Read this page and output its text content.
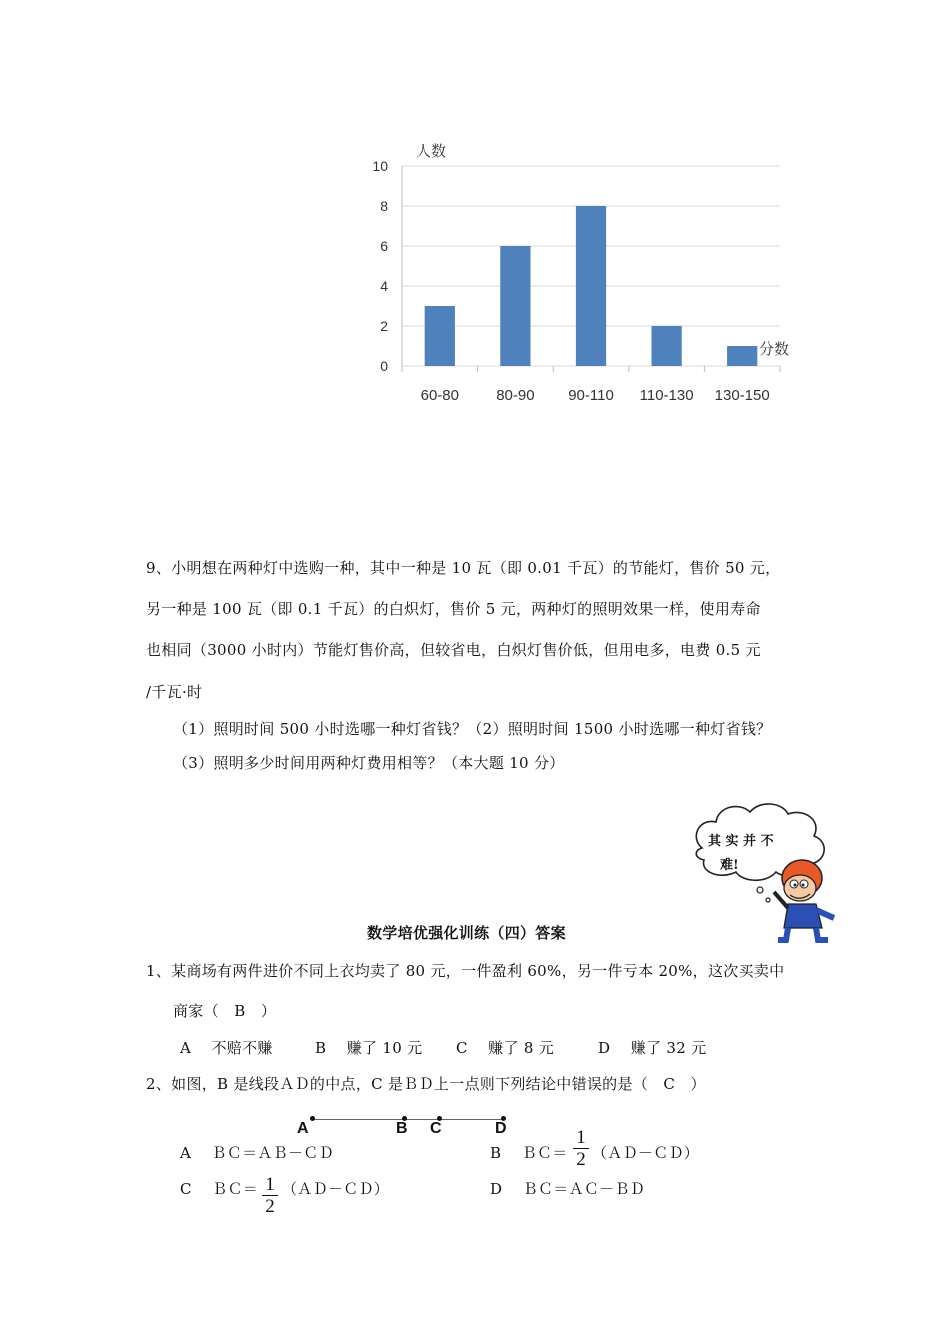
0
2
4
6
8
10
60-80 80-90 90-110 110-130 130-150
人数
分数
9、小明想在两种灯中选购一种，其中一种是 10 瓦（即 0.01 千瓦）的节能灯，售价 50 元，
另一种是 100 瓦（即 0.1 千瓦）的白炽灯，售价 5 元，两种灯的照明效果一样，使用寿命
也相同（3000 小时内）节能灯售价高，但较省电，白炽灯售价低，但用电多，电费 0.5 元
/千瓦·时
（1）照明时间 500 小时选哪一种灯省钱？（2）照明时间 1500 小时选哪一种灯省钱？
（3）照明多少时间用两种灯费用相等？（本大题 10 分）
其 实 并 不
难!
数学培优强化训练（四）答案
1、某商场有两件进价不同上衣均卖了 80 元，一件盈利 60%，另一件亏本 20%，这次买卖中
商家（　B　）
A　 不赔不赚	B　 赚了 10 元 C　 赚了 8 元	D　 赚了 32 元
2、如图，B 是线段ＡＤ的中点，C 是ＢＤ上一点则下列结论中错误的是（　C　）
A	B C	D
A　 ＢＣ＝ＡＢ－ＣＤ	B　 ＢＣ＝
1
2 （ＡＤ－ＣＤ）
C　 ＢＣ＝ 1
2
（ＡＤ－ＣＤ）	D　 ＢＣ＝ＡＣ－ＢＤ
